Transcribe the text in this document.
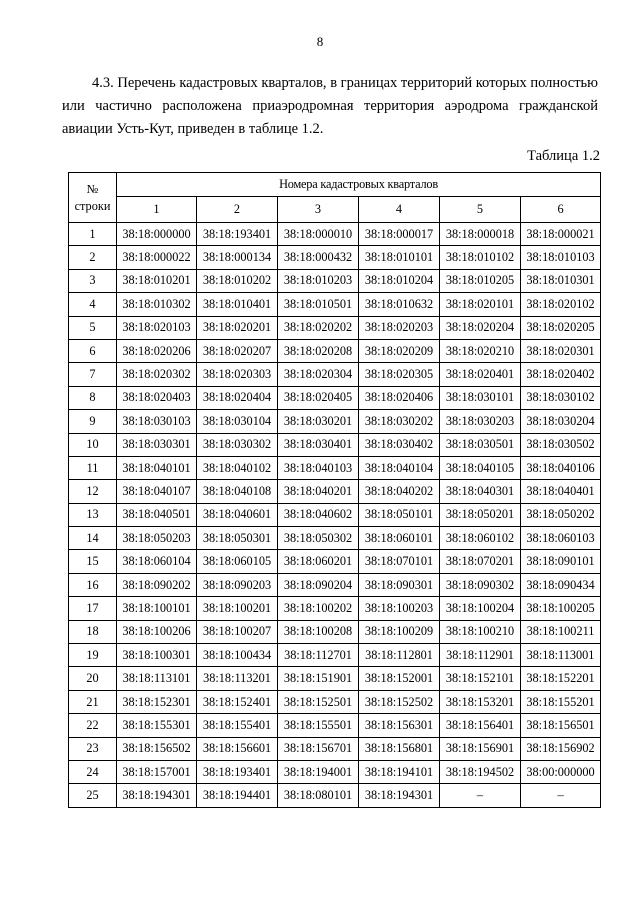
8

4.3. Перечень кадастровых кварталов, в границах территорий которых полностью или частично расположена приаэродромная территория аэродрома гражданской авиации Усть-Кут, приведен в таблице 1.2.

Таблица 1.2
№
строки	Номера кадастровых кварталов					
	1	2	3	4	5	6
1	38:18:000000	38:18:193401	38:18:000010	38:18:000017	38:18:000018	38:18:000021
2	38:18:000022	38:18:000134	38:18:000432	38:18:010101	38:18:010102	38:18:010103
3	38:18:010201	38:18:010202	38:18:010203	38:18:010204	38:18:010205	38:18:010301
4	38:18:010302	38:18:010401	38:18:010501	38:18:010632	38:18:020101	38:18:020102
5	38:18:020103	38:18:020201	38:18:020202	38:18:020203	38:18:020204	38:18:020205
6	38:18:020206	38:18:020207	38:18:020208	38:18:020209	38:18:020210	38:18:020301
7	38:18:020302	38:18:020303	38:18:020304	38:18:020305	38:18:020401	38:18:020402
8	38:18:020403	38:18:020404	38:18:020405	38:18:020406	38:18:030101	38:18:030102
9	38:18:030103	38:18:030104	38:18:030201	38:18:030202	38:18:030203	38:18:030204
10	38:18:030301	38:18:030302	38:18:030401	38:18:030402	38:18:030501	38:18:030502
11	38:18:040101	38:18:040102	38:18:040103	38:18:040104	38:18:040105	38:18:040106
12	38:18:040107	38:18:040108	38:18:040201	38:18:040202	38:18:040301	38:18:040401
13	38:18:040501	38:18:040601	38:18:040602	38:18:050101	38:18:050201	38:18:050202
14	38:18:050203	38:18:050301	38:18:050302	38:18:060101	38:18:060102	38:18:060103
15	38:18:060104	38:18:060105	38:18:060201	38:18:070101	38:18:070201	38:18:090101
16	38:18:090202	38:18:090203	38:18:090204	38:18:090301	38:18:090302	38:18:090434
17	38:18:100101	38:18:100201	38:18:100202	38:18:100203	38:18:100204	38:18:100205
18	38:18:100206	38:18:100207	38:18:100208	38:18:100209	38:18:100210	38:18:100211
19	38:18:100301	38:18:100434	38:18:112701	38:18:112801	38:18:112901	38:18:113001
20	38:18:113101	38:18:113201	38:18:151901	38:18:152001	38:18:152101	38:18:152201
21	38:18:152301	38:18:152401	38:18:152501	38:18:152502	38:18:153201	38:18:155201
22	38:18:155301	38:18:155401	38:18:155501	38:18:156301	38:18:156401	38:18:156501
23	38:18:156502	38:18:156601	38:18:156701	38:18:156801	38:18:156901	38:18:156902
24	38:18:157001	38:18:193401	38:18:194001	38:18:194101	38:18:194502	38:00:000000
25	38:18:194301	38:18:194401	38:18:080101	38:18:194301	–	–
